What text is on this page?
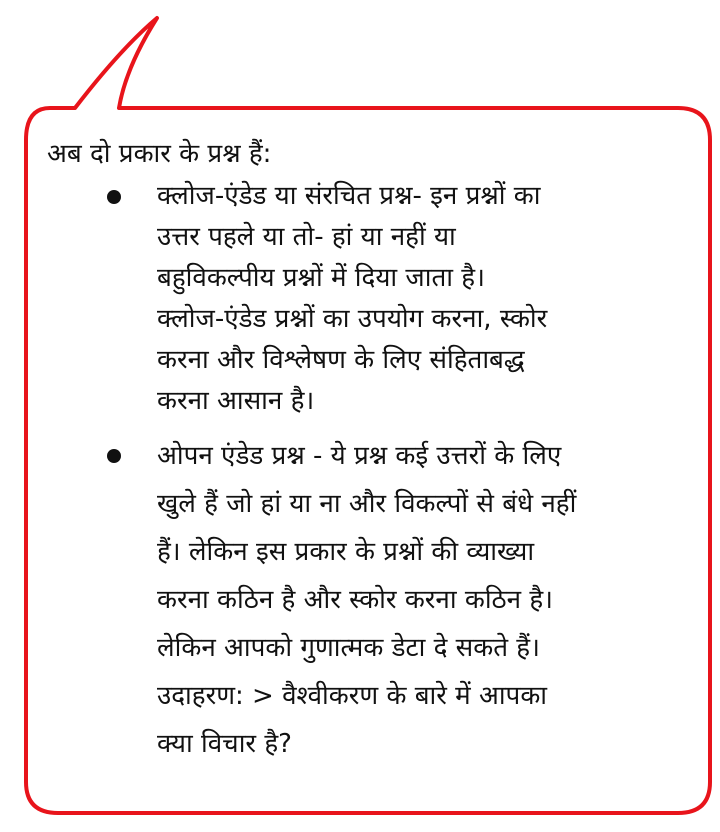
अब दो प्रकार के प्रश्न हैं:

क्लोज-एंडेड या संरचित प्रश्न- इन प्रश्नों का
उत्तर पहले या तो- हां या नहीं या
बहुविकल्पीय प्रश्नों में दिया जाता है।
क्लोज-एंडेड प्रश्नों का उपयोग करना, स्कोर
करना और विश्लेषण के लिए संहिताबद्ध
करना आसान है।
ओपन एंडेड प्रश्न - ये प्रश्न कई उत्तरों के लिए
खुले हैं जो हां या ना और विकल्पों से बंधे नहीं
हैं। लेकिन इस प्रकार के प्रश्नों की व्याख्या
करना कठिन है और स्कोर करना कठिन है।
लेकिन आपको गुणात्मक डेटा दे सकते हैं।
उदाहरण: > वैश्वीकरण के बारे में आपका
क्या विचार है?
